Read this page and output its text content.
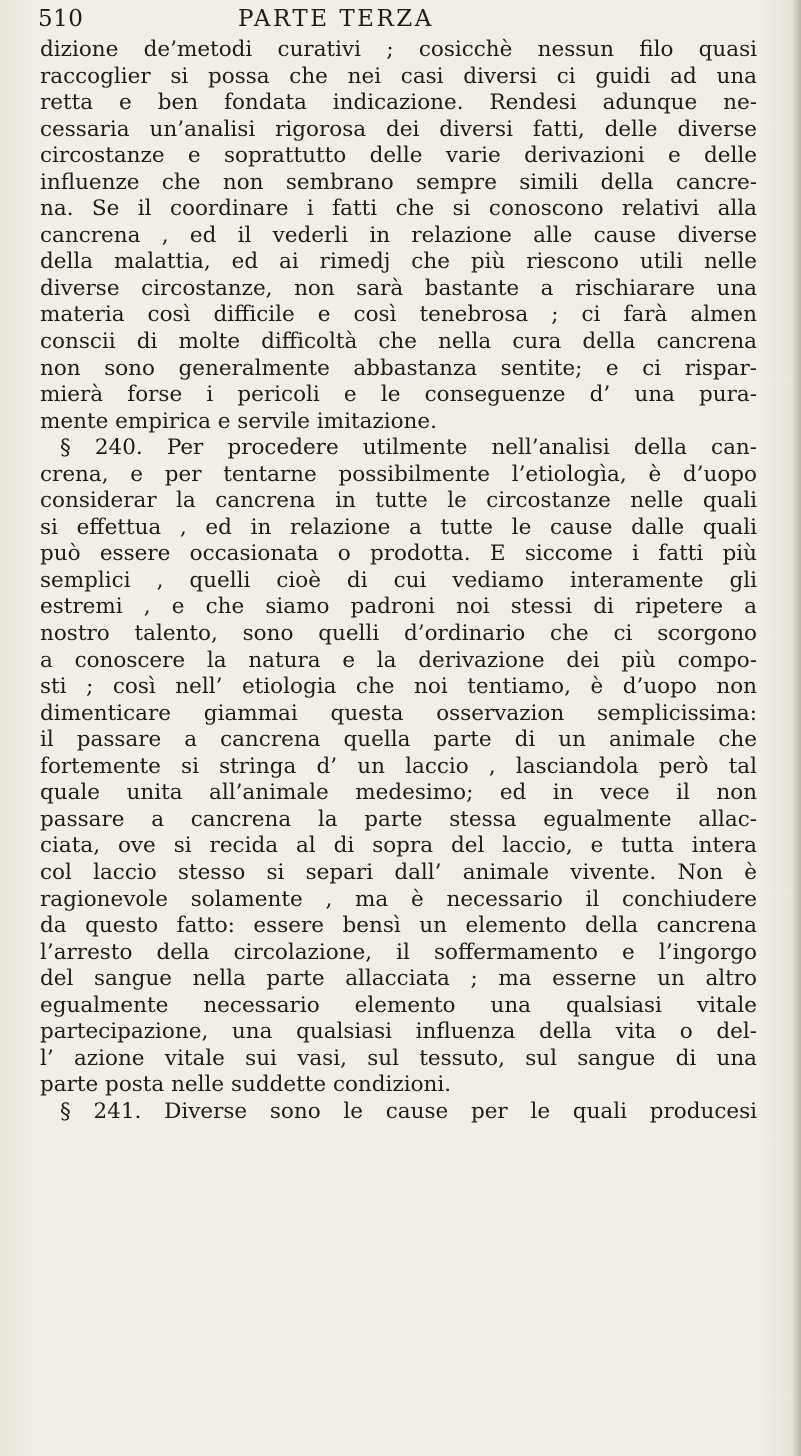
510	PARTE TERZA
dizione de’metodi curativi ; cosicchè nessun filo quasi
raccoglier si possa che nei casi diversi ci guidi ad una
retta e ben fondata indicazione. Rendesi adunque ne-
cessaria un’analisi rigorosa dei diversi fatti, delle diverse
circostanze e soprattutto delle varie derivazioni e delle
influenze che non sembrano sempre simili della cancre-
na. Se il coordinare i fatti che si conoscono relativi alla
cancrena , ed il vederli in relazione alle cause diverse
della malattia, ed ai rimedj che più riescono utili nelle
diverse circostanze, non sarà bastante a rischiarare una
materia così difficile e così tenebrosa ; ci farà almen
conscii di molte difficoltà che nella cura della cancrena
non sono generalmente abbastanza sentite; e ci rispar-
mierà forse i pericoli e le conseguenze d’ una pura-
mente empirica e servile imitazione.
§ 240. Per procedere utilmente nell’analisi della can-
crena, e per tentarne possibilmente l’etiologìa, è d’uopo
considerar la cancrena in tutte le circostanze nelle quali
si effettua , ed in relazione a tutte le cause dalle quali
può essere occasionata o prodotta. E siccome i fatti più
semplici , quelli cioè di cui vediamo interamente gli
estremi , e che siamo padroni noi stessi di ripetere a
nostro talento, sono quelli d’ordinario che ci scorgono
a conoscere la natura e la derivazione dei più compo-
sti ; così nell’ etiologia che noi tentiamo, è d’uopo non
dimenticare giammai questa osservazion semplicissima:
il passare a cancrena quella parte di un animale che
fortemente si stringa d’ un laccio , lasciandola però tal
quale unita all’animale medesimo; ed in vece il non
passare a cancrena la parte stessa egualmente allac-
ciata, ove si recida al di sopra del laccio, e tutta intera
col laccio stesso si separi dall’ animale vivente. Non è
ragionevole solamente , ma è necessario il conchiudere
da questo fatto: essere bensì un elemento della cancrena
l’arresto della circolazione, il soffermamento e l’ingorgo
del sangue nella parte allacciata ; ma esserne un altro
egualmente necessario elemento una qualsiasi vitale
partecipazione, una qualsiasi influenza della vita o del-
l’ azione vitale sui vasi, sul tessuto, sul sangue di una
parte posta nelle suddette condizioni.
§ 241. Diverse sono le cause per le quali producesi
